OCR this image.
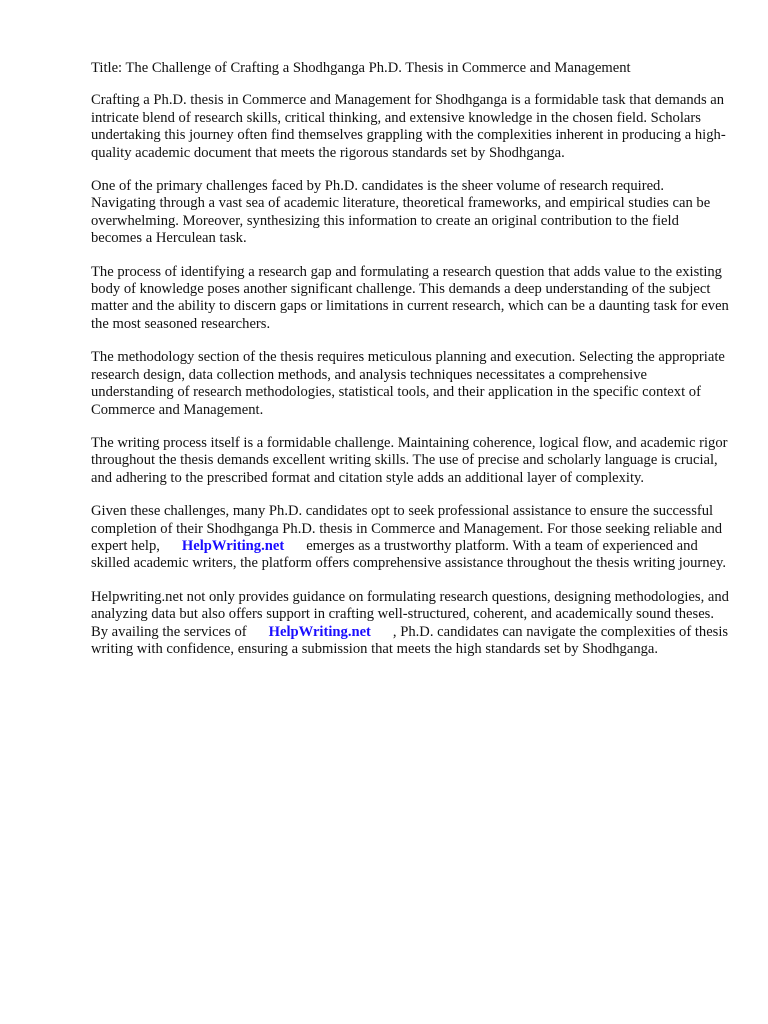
Title: The Challenge of Crafting a Shodhganga Ph.D. Thesis in Commerce and Management

Crafting a Ph.D. thesis in Commerce and Management for Shodhganga is a formidable task that demands an intricate blend of research skills, critical thinking, and extensive knowledge in the chosen field. Scholars undertaking this journey often find themselves grappling with the complexities inherent in producing a high-quality academic document that meets the rigorous standards set by Shodhganga.

One of the primary challenges faced by Ph.D. candidates is the sheer volume of research required. Navigating through a vast sea of academic literature, theoretical frameworks, and empirical studies can be overwhelming. Moreover, synthesizing this information to create an original contribution to the field becomes a Herculean task.

The process of identifying a research gap and formulating a research question that adds value to the existing body of knowledge poses another significant challenge. This demands a deep understanding of the subject matter and the ability to discern gaps or limitations in current research, which can be a daunting task for even the most seasoned researchers.

The methodology section of the thesis requires meticulous planning and execution. Selecting the appropriate research design, data collection methods, and analysis techniques necessitates a comprehensive understanding of research methodologies, statistical tools, and their application in the specific context of Commerce and Management.

The writing process itself is a formidable challenge. Maintaining coherence, logical flow, and academic rigor throughout the thesis demands excellent writing skills. The use of precise and scholarly language is crucial, and adhering to the prescribed format and citation style adds an additional layer of complexity.

Given these challenges, many Ph.D. candidates opt to seek professional assistance to ensure the successful completion of their Shodhganga Ph.D. thesis in Commerce and Management. For those seeking reliable and expert help, HelpWriting.net emerges as a trustworthy platform. With a team of experienced and skilled academic writers, the platform offers comprehensive assistance throughout the thesis writing journey.

Helpwriting.net not only provides guidance on formulating research questions, designing methodologies, and analyzing data but also offers support in crafting well-structured, coherent, and academically sound theses. By availing the services of HelpWriting.net , Ph.D. candidates can navigate the complexities of thesis writing with confidence, ensuring a submission that meets the high standards set by Shodhganga.
